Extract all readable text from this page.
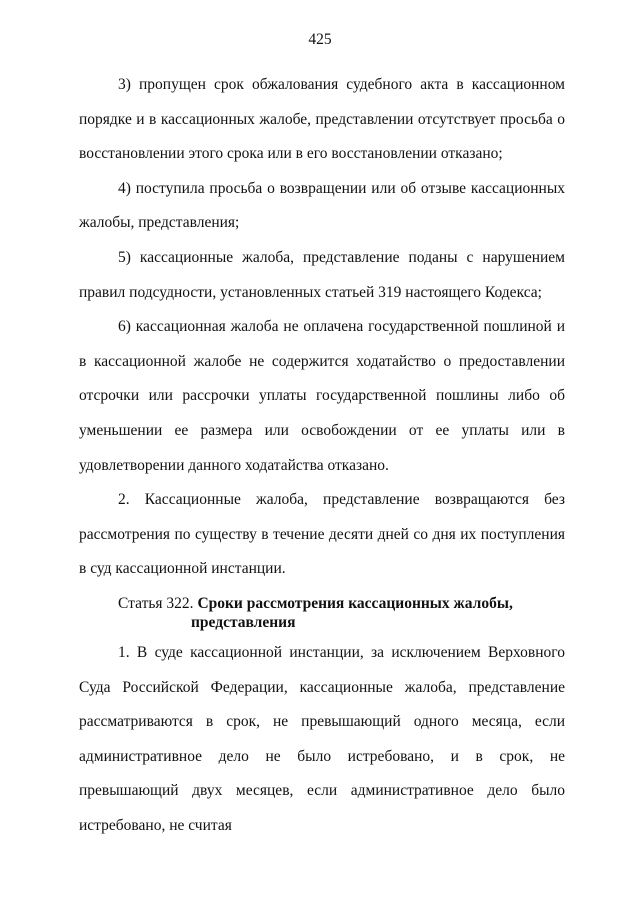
425

3) пропущен срок обжалования судебного акта в кассационном порядке и в кассационных жалобе, представлении отсутствует просьба о восстановлении этого срока или в его восстановлении отказано;

4) поступила просьба о возвращении или об отзыве кассационных жалобы, представления;

5) кассационные жалоба, представление поданы с нарушением правил подсудности, установленных статьей 319 настоящего Кодекса;

6) кассационная жалоба не оплачена государственной пошлиной и в кассационной жалобе не содержится ходатайство о предоставлении отсрочки или рассрочки уплаты государственной пошлины либо об уменьшении ее размера или освобождении от ее уплаты или в удовлетворении данного ходатайства отказано.

2. Кассационные жалоба, представление возвращаются без рассмотрения по существу в течение десяти дней со дня их поступления в суд кассационной инстанции.

Статья 322. Сроки рассмотрения кассационных жалобы,
представления

1. В суде кассационной инстанции, за исключением Верховного Суда Российской Федерации, кассационные жалоба, представление рассматриваются в срок, не превышающий одного месяца, если административное дело не было истребовано, и в срок, не превышающий двух месяцев, если административное дело было истребовано, не считая
